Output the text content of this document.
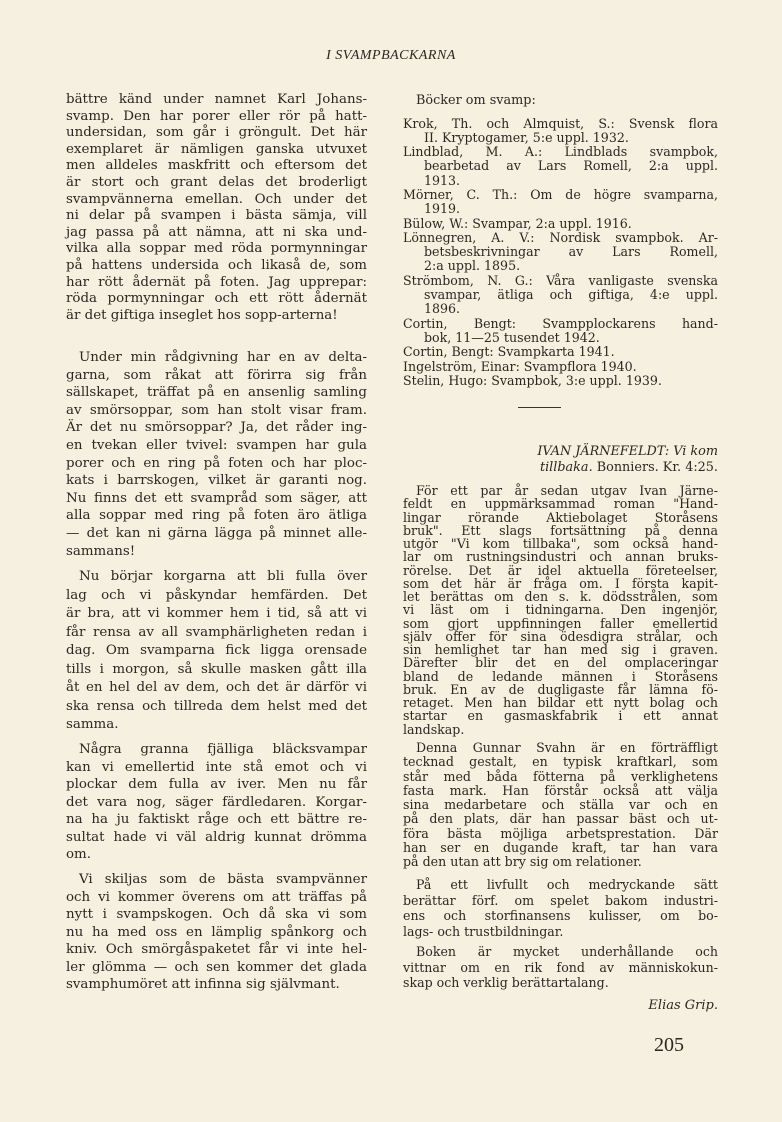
I SVAMPBACKARNA
bättre känd under namnet Karl Johans-
svamp. Den har porer eller rör på hatt-
undersidan, som går i gröngult. Det här
exemplaret är nämligen ganska utvuxet
men alldeles maskfritt och eftersom det
är stort och grant delas det broderligt
svampvännerna emellan. Och under det
ni delar på svampen i bästa sämja, vill
jag passa på att nämna, att ni ska und-
vilka alla soppar med röda pormynningar
på hattens undersida och likaså de, som
har rött ådernät på foten. Jag upprepar:
röda pormynningar och ett rött ådernät
är det giftiga inseglet hos sopp-arterna!
Under min rådgivning har en av delta-
garna, som råkat att förirra sig från
sällskapet, träffat på en ansenlig samling
av smörsoppar, som han stolt visar fram.
Är det nu smörsoppar? Ja, det råder ing-
en tvekan eller tvivel: svampen har gula
porer och en ring på foten och har ploc-
kats i barrskogen, vilket är garanti nog.
Nu finns det ett svampråd som säger, att
alla soppar med ring på foten äro ätliga
— det kan ni gärna lägga på minnet alle-
sammans!
Nu börjar korgarna att bli fulla över
lag och vi påskyndar hemfärden. Det
är bra, att vi kommer hem i tid, så att vi
får rensa av all svamphärligheten redan i
dag. Om svamparna fick ligga orensade
tills i morgon, så skulle masken gått illa
åt en hel del av dem, och det är därför vi
ska rensa och tillreda dem helst med det
samma.
Några granna fjälliga bläcksvampar
kan vi emellertid inte stå emot och vi
plockar dem fulla av iver. Men nu får
det vara nog, säger färdledaren. Korgar-
na ha ju faktiskt råge och ett bättre re-
sultat hade vi väl aldrig kunnat drömma
om.
Vi skiljas som de bästa svampvänner
och vi kommer överens om att träffas på
nytt i svampskogen. Och då ska vi som
nu ha med oss en lämplig spånkorg och
kniv. Och smörgåspaketet får vi inte hel-
ler glömma — och sen kommer det glada
svamphumöret att infinna sig självmant.
Böcker om svamp:
Krok, Th. och Almquist, S.: Svensk flora
II. Kryptogamer, 5:e uppl. 1932.
Lindblad, M. A.: Lindblads svampbok,
bearbetad av Lars Romell, 2:a uppl.
1913.
Mörner, C. Th.: Om de högre svamparna,
1919.
Bülow, W.: Svampar, 2:a uppl. 1916.
Lönnegren, A. V.: Nordisk svampbok. Ar-
betsbeskrivningar av Lars Romell,
2:a uppl. 1895.
Strömbom, N. G.: Våra vanligaste svenska
svampar, ätliga och giftiga, 4:e uppl.
1896.
Cortin, Bengt: Svampplockarens hand-
bok, 11—25 tusendet 1942.
Cortin, Bengt: Svampkarta 1941.
Ingelström, Einar: Svampflora 1940.
Stelin, Hugo: Svampbok, 3:e uppl. 1939.
IVAN JÄRNEFELDT: Vi kom
tillbaka. Bonniers. Kr. 4:25.
För ett par år sedan utgav Ivan Järne-
feldt en uppmärksammad roman "Hand-
lingar rörande Aktiebolaget Storåsens
bruk". Ett slags fortsättning på denna
utgör "Vi kom tillbaka", som också hand-
lar om rustningsindustri och annan bruks-
rörelse. Det är idel aktuella företeelser,
som det här är fråga om. I första kapit-
let berättas om den s. k. dödsstrålen, som
vi läst om i tidningarna. Den ingenjör,
som gjort uppfinningen faller emellertid
själv offer för sina ödesdigra strålar, och
sin hemlighet tar han med sig i graven.
Därefter blir det en del omplaceringar
bland de ledande männen i Storåsens
bruk. En av de dugligaste får lämna fö-
retaget. Men han bildar ett nytt bolag och
startar en gasmaskfabrik i ett annat
landskap.
Denna Gunnar Svahn är en förträffligt
tecknad gestalt, en typisk kraftkarl, som
står med båda fötterna på verklighetens
fasta mark. Han förstår också att välja
sina medarbetare och ställa var och en
på den plats, där han passar bäst och ut-
föra bästa möjliga arbetsprestation. Där
han ser en dugande kraft, tar han vara
på den utan att bry sig om relationer.
På ett livfullt och medryckande sätt
berättar förf. om spelet bakom industri-
ens och storfinansens kulisser, om bo-
lags- och trustbildningar.
Boken är mycket underhållande och
vittnar om en rik fond av människokun-
skap och verklig berättartalang.
Elias Grip.
205
